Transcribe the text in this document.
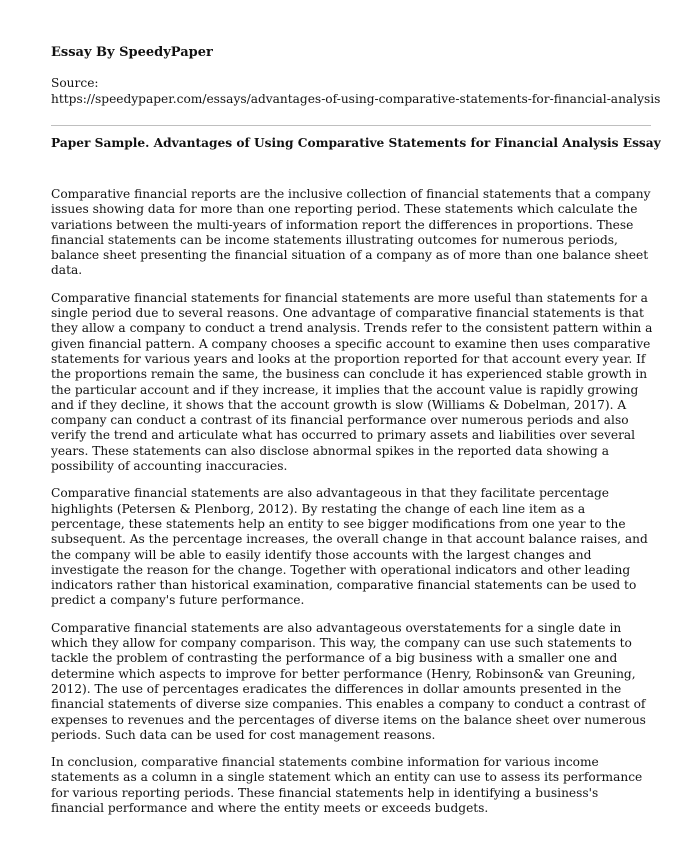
Essay By SpeedyPaper
Source:
https://speedypaper.com/essays/advantages-of-using-comparative-statements-for-financial-analysis
Paper Sample. Advantages of Using Comparative Statements for Financial Analysis Essay

Comparative financial reports are the inclusive collection of financial statements that a company issues showing data for more than one reporting period. These statements which calculate the variations between the multi-years of information report the differences in proportions. These financial statements can be income statements illustrating outcomes for numerous periods, balance sheet presenting the financial situation of a company as of more than one balance sheet data.

Comparative financial statements for financial statements are more useful than statements for a single period due to several reasons. One advantage of comparative financial statements is that they allow a company to conduct a trend analysis. Trends refer to the consistent pattern within a given financial pattern. A company chooses a specific account to examine then uses comparative statements for various years and looks at the proportion reported for that account every year. If the proportions remain the same, the business can conclude it has experienced stable growth in the particular account and if they increase, it implies that the account value is rapidly growing and if they decline, it shows that the account growth is slow (Williams & Dobelman, 2017). A company can conduct a contrast of its financial performance over numerous periods and also verify the trend and articulate what has occurred to primary assets and liabilities over several years. These statements can also disclose abnormal spikes in the reported data showing a possibility of accounting inaccuracies.

Comparative financial statements are also advantageous in that they facilitate percentage highlights (Petersen & Plenborg, 2012). By restating the change of each line item as a percentage, these statements help an entity to see bigger modifications from one year to the subsequent. As the percentage increases, the overall change in that account balance raises, and the company will be able to easily identify those accounts with the largest changes and investigate the reason for the change. Together with operational indicators and other leading indicators rather than historical examination, comparative financial statements can be used to predict a company's future performance.

Comparative financial statements are also advantageous overstatements for a single date in which they allow for company comparison. This way, the company can use such statements to tackle the problem of contrasting the performance of a big business with a smaller one and determine which aspects to improve for better performance (Henry, Robinson& van Greuning, 2012). The use of percentages eradicates the differences in dollar amounts presented in the financial statements of diverse size companies. This enables a company to conduct a contrast of expenses to revenues and the percentages of diverse items on the balance sheet over numerous periods. Such data can be used for cost management reasons.

In conclusion, comparative financial statements combine information for various income statements as a column in a single statement which an entity can use to assess its performance for various reporting periods. These financial statements help in identifying a business's financial performance and where the entity meets or exceeds budgets.
